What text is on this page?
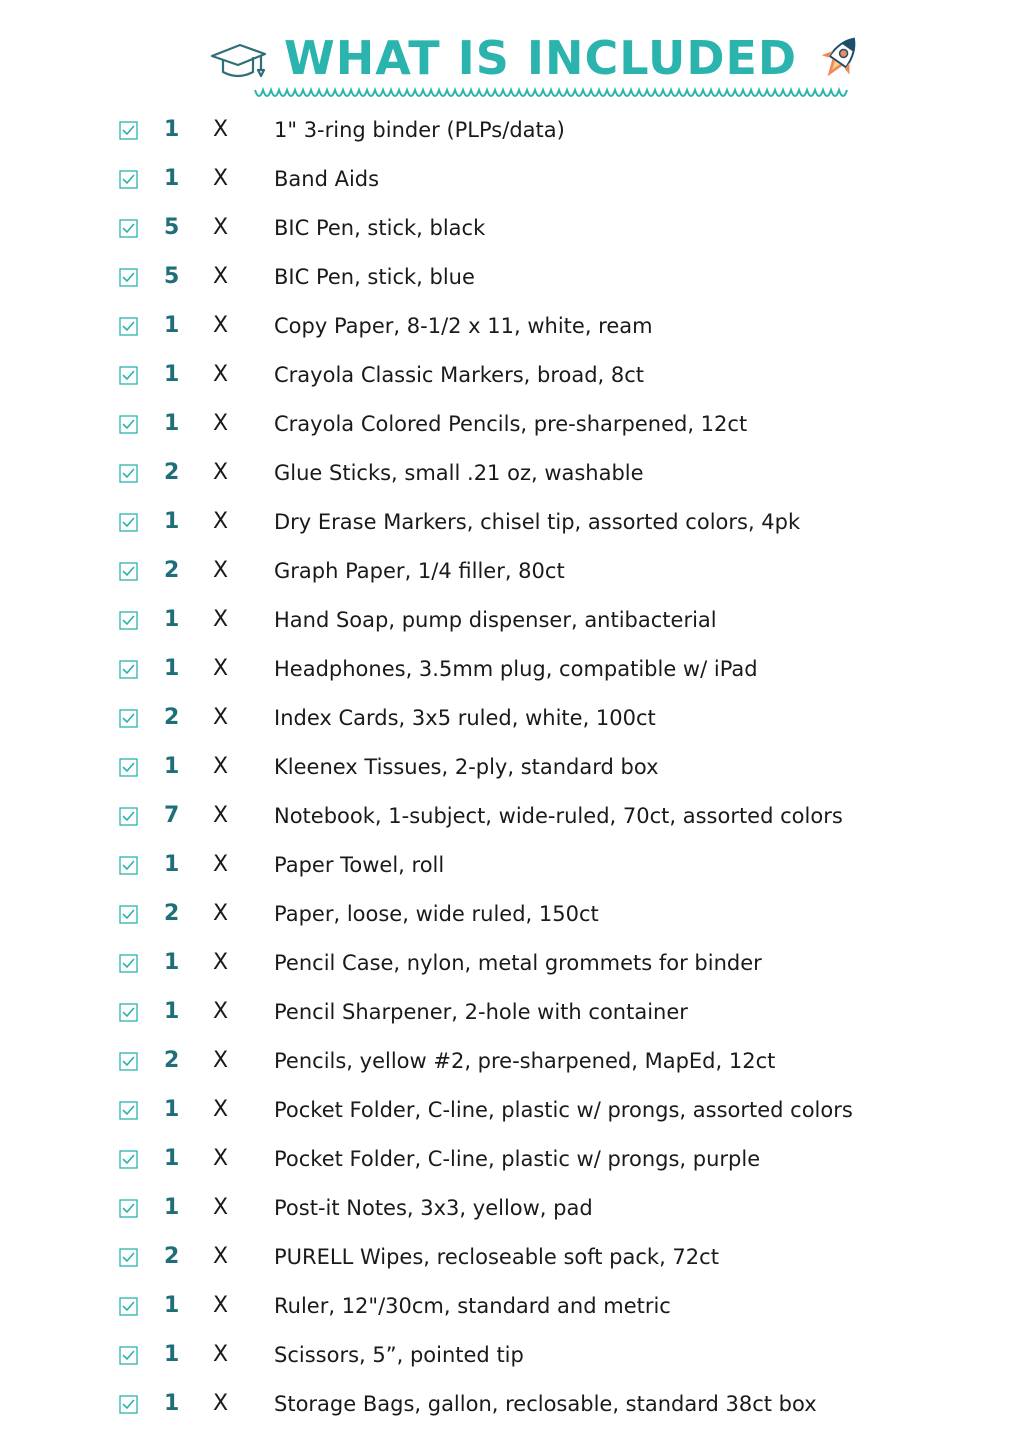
WHAT IS INCLUDED
1 X 1" 3-ring binder (PLPs/data)
1 X Band Aids
5 X BIC Pen, stick, black
5 X BIC Pen, stick, blue
1 X Copy Paper, 8-1/2 x 11, white, ream
1 X Crayola Classic Markers, broad, 8ct
1 X Crayola Colored Pencils, pre-sharpened, 12ct
2 X Glue Sticks, small .21 oz, washable
1 X Dry Erase Markers, chisel tip, assorted colors, 4pk
2 X Graph Paper, 1/4 filler, 80ct
1 X Hand Soap, pump dispenser, antibacterial
1 X Headphones, 3.5mm plug, compatible w/ iPad
2 X Index Cards, 3x5 ruled, white, 100ct
1 X Kleenex Tissues, 2-ply, standard box
7 X Notebook, 1-subject, wide-ruled, 70ct, assorted colors
1 X Paper Towel, roll
2 X Paper, loose, wide ruled, 150ct
1 X Pencil Case, nylon, metal grommets for binder
1 X Pencil Sharpener, 2-hole with container
2 X Pencils, yellow #2, pre-sharpened, MapEd, 12ct
1 X Pocket Folder, C-line, plastic w/ prongs, assorted colors
1 X Pocket Folder, C-line, plastic w/ prongs, purple
1 X Post-it Notes, 3x3, yellow, pad
2 X PURELL Wipes, recloseable soft pack, 72ct
1 X Ruler, 12"/30cm, standard and metric
1 X Scissors, 5”, pointed tip
1 X Storage Bags, gallon, reclosable, standard 38ct box
